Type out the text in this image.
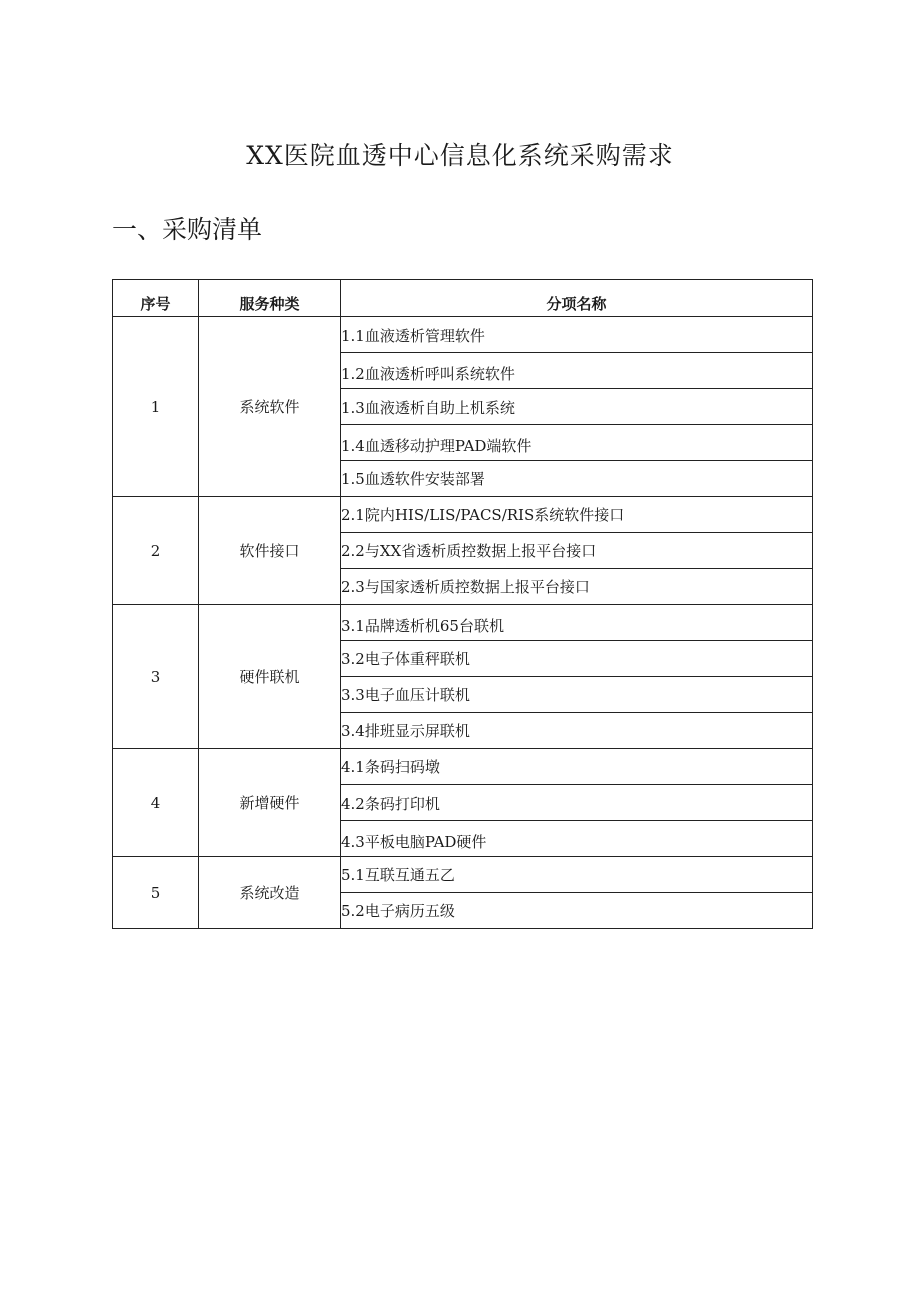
XX医院血透中心信息化系统采购需求
一、采购清单
序号	服务种类	分项名称
1	系统软件	1.1血液透析管理软件
		1.2血液透析呼叫系统软件
		1.3血液透析自助上机系统
		1.4血透移动护理PAD端软件
		1.5血透软件安装部署
2	软件接口	2.1院内HIS/LIS/PACS/RIS系统软件接口
		2.2与XX省透析质控数据上报平台接口
		2.3与国家透析质控数据上报平台接口
3	硬件联机	3.1品牌透析机65台联机
		3.2电子体重秤联机
		3.3电子血压计联机
		3.4排班显示屏联机
4	新增硬件	4.1条码扫码墩
		4.2条码打印机
		4.3平板电脑PAD硬件
5	系统改造	5.1互联互通五乙
		5.2电子病历五级
